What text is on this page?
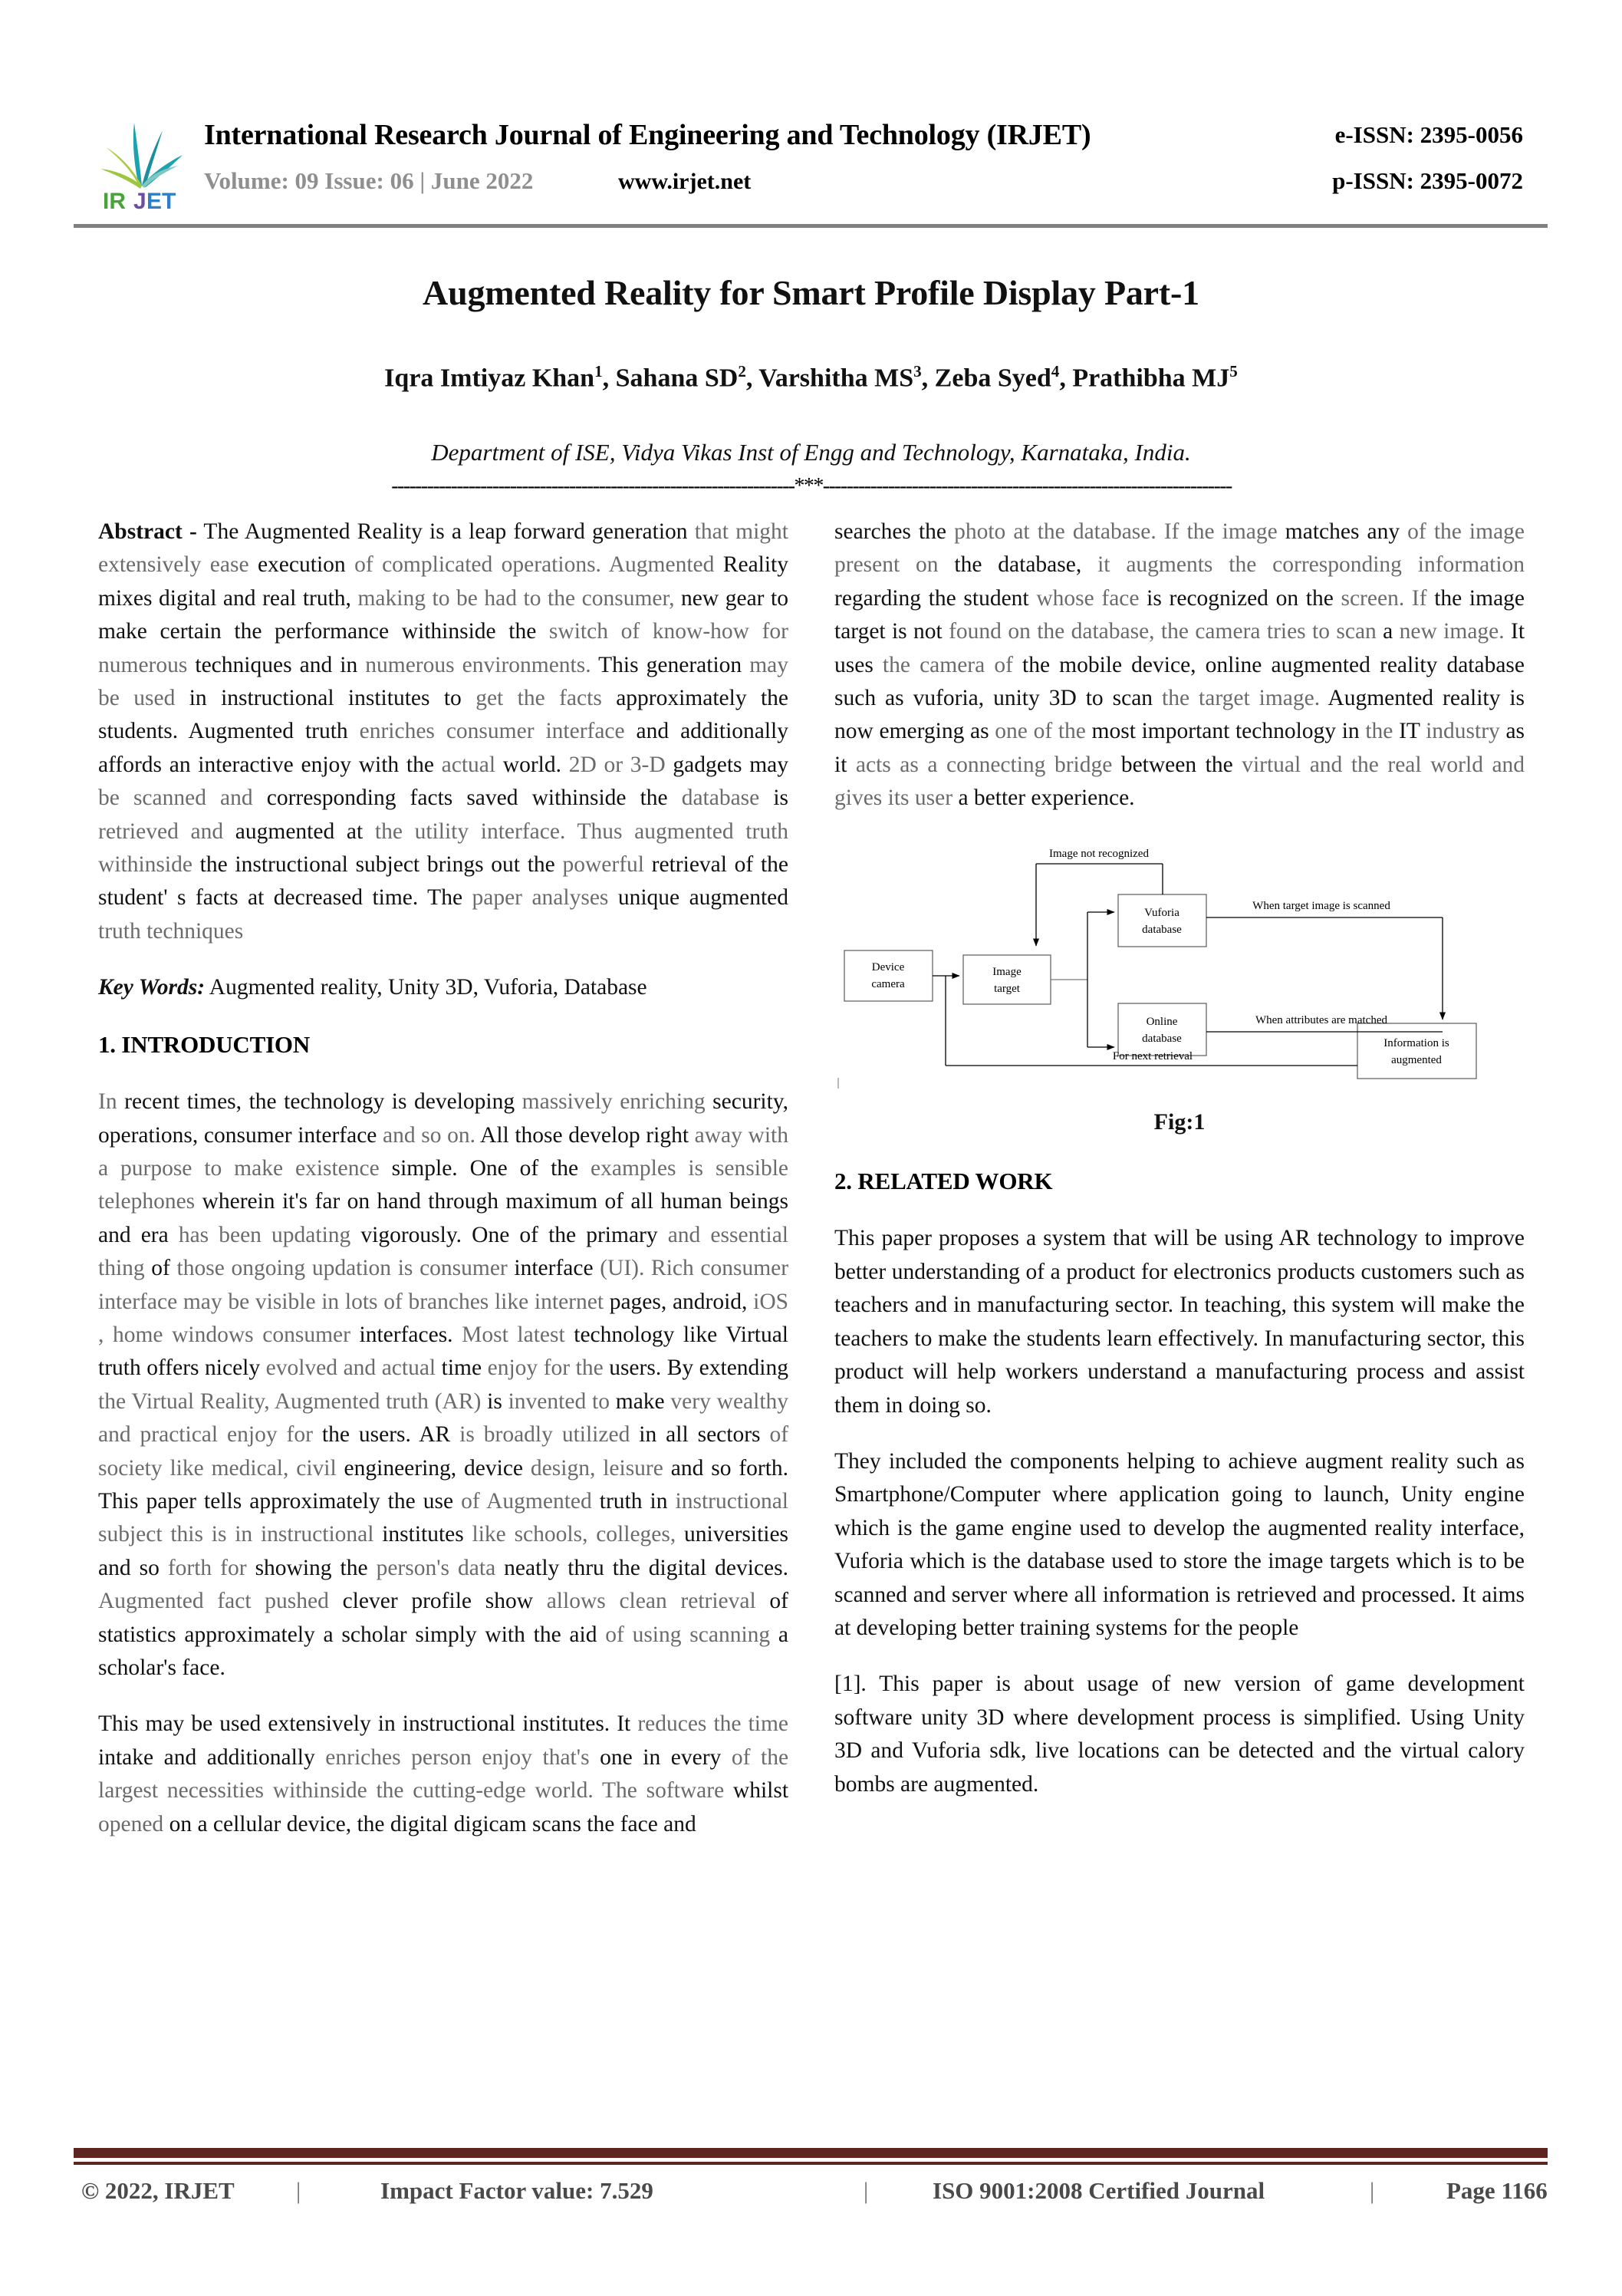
IR J ET
International Research Journal of Engineering and Technology (IRJET)	e-ISSN: 2395-0056
Volume: 09 Issue: 06 | June 2022	www.irjet.net	p-ISSN: 2395-0072
Augmented Reality for Smart Profile Display Part-1
Iqra Imtiyaz Khan$^1$, Sahana $SD^2$, Varshitha $MS^3$, Zeba Syed$^4$, Prathibha $MJ^5$
Department of ISE, Vidya Vikas Inst of Engg and Technology, Karnataka, India.
--------------------------------------------------------------------***---------------------------------------------------------------------

Abstract - The Augmented Reality is a leap forward generation that might extensively ease execution of complicated operations. Augmented Reality mixes digital and real truth, making to be had to the consumer, new gear to make certain the performance withinside the switch of know-how for numerous techniques and in numerous environments. This generation may be used in instructional institutes to get the facts approximately the students. Augmented truth enriches consumer interface and additionally affords an interactive enjoy with the actual world. 2D or 3-D gadgets may be scanned and corresponding facts saved withinside the database is retrieved and augmented at the utility interface. Thus augmented truth withinside the instructional subject brings out the powerful retrieval of the student' s facts at decreased time. The paper analyses unique augmented truth techniques

Key Words: Augmented reality, Unity 3D, Vuforia, Database

1. INTRODUCTION

In recent times, the technology is developing massively enriching security, operations, consumer interface and so on. All those develop right away with a purpose to make existence simple. One of the examples is sensible telephones wherein it's far on hand through maximum of all human beings and era has been updating vigorously. One of the primary and essential thing of those ongoing updation is consumer interface (UI). Rich consumer interface may be visible in lots of branches like internet pages, android, iOS , home windows consumer interfaces. Most latest technology like Virtual truth offers nicely evolved and actual time enjoy for the users. By extending the Virtual Reality, Augmented truth (AR) is invented to make very wealthy and practical enjoy for the users. AR is broadly utilized in all sectors of society like medical, civil engineering, device design, leisure and so forth. This paper tells approximately the use of Augmented truth in instructional subject this is in instructional institutes like schools, colleges, universities and so forth for showing the person's data neatly thru the digital devices. Augmented fact pushed clever profile show allows clean retrieval of statistics approximately a scholar simply with the aid of using scanning a scholar's face.

This may be used extensively in instructional institutes. It reduces the time intake and additionally enriches person enjoy that's one in every of the largest necessities withinside the cutting-edge world. The software whilst opened on a cellular device, the digital digicam scans the face and

searches the photo at the database. If the image matches any of the image present on the database, it augments the corresponding information regarding the student whose face is recognized on the screen. If the image target is not found on the database, the camera tries to scan a new image. It uses the camera of the mobile device, online augmented reality database such as vuforia, unity 3D to scan the target image. Augmented reality is now emerging as one of the most important technology in the IT industry as it acts as a connecting bridge between the virtual and the real world and gives its user a better experience.

Device
camera
Image
target
Vuforia
database
Online
database	Information is
augmented
Image not recognized
When target image is scanned
When attributes are matched
For next retrieval
Fig:1
2. RELATED WORK

This paper proposes a system that will be using AR technology to improve better understanding of a product for electronics products customers such as teachers and in manufacturing sector. In teaching, this system will make the teachers to make the students learn effectively. In manufacturing sector, this product will help workers understand a manufacturing process and assist them in doing so.

They included the components helping to achieve augment reality such as Smartphone/Computer where application going to launch, Unity engine which is the game engine used to develop the augmented reality interface, Vuforia which is the database used to store the image targets which is to be scanned and server where all information is retrieved and processed. It aims at developing better training systems for the people

[1]. This paper is about usage of new version of game development software unity 3D where development process is simplified. Using Unity 3D and Vuforia sdk, live locations can be detected and the virtual calory bombs are augmented.

© 2022, IRJET	|	Impact Factor value: 7.529	|	ISO 9001:2008 Certified Journal	|	Page 1166
